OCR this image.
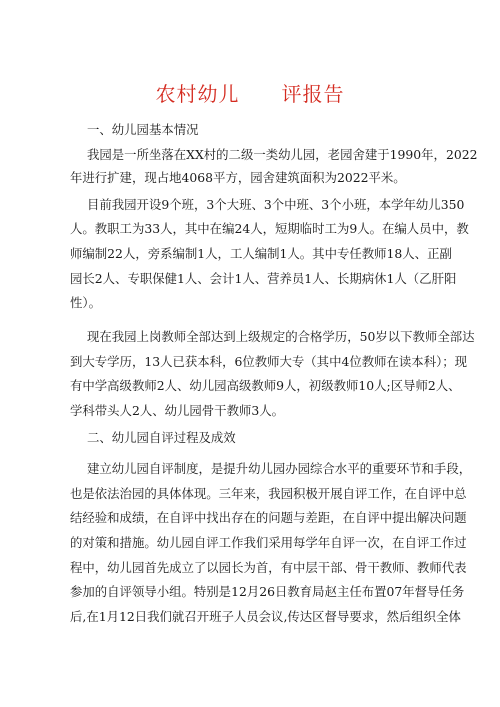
农村幼儿　　评报告
一、幼儿园基本情况
我园是一所坐落在XX村的二级一类幼儿园，老园舍建于1990年，2022
年进行扩建，现占地4068平方，园舍建筑面积为2022平米。
目前我园开设9个班，3个大班、3个中班、3个小班，本学年幼儿350
人。教职工为33人，其中在编24人，短期临时工为9人。在编人员中，教
师编制22人，旁系编制1人，工人编制1人。其中专任教师18人、正副
园长2人、专职保健1人、会计1人、营养员1人、长期病休1人（乙肝阳
性）。
现在我园上岗教师全部达到上级规定的合格学历，50岁以下教师全部达
到大专学历，13人已获本科，6位教师大专（其中4位教师在读本科）；现
有中学高级教师2人、幼儿园高级教师9人，初级教师10人;区导师2人、
学科带头人2人、幼儿园骨干教师3人。
二、幼儿园自评过程及成效
建立幼儿园自评制度，是提升幼儿园办园综合水平的重要环节和手段，
也是依法治园的具体体现。三年来，我园积极开展自评工作，在自评中总
结经验和成绩，在自评中找出存在的问题与差距，在自评中提出解决问题
的对策和措施。幼儿园自评工作我们采用每学年自评一次，在自评工作过
程中，幼儿园首先成立了以园长为首，有中层干部、骨干教师、教师代表
参加的自评领导小组。特别是12月26日教育局赵主任布置07年督导任务
后,在1月12日我们就召开班子人员会议,传达区督导要求，然后组织全体
